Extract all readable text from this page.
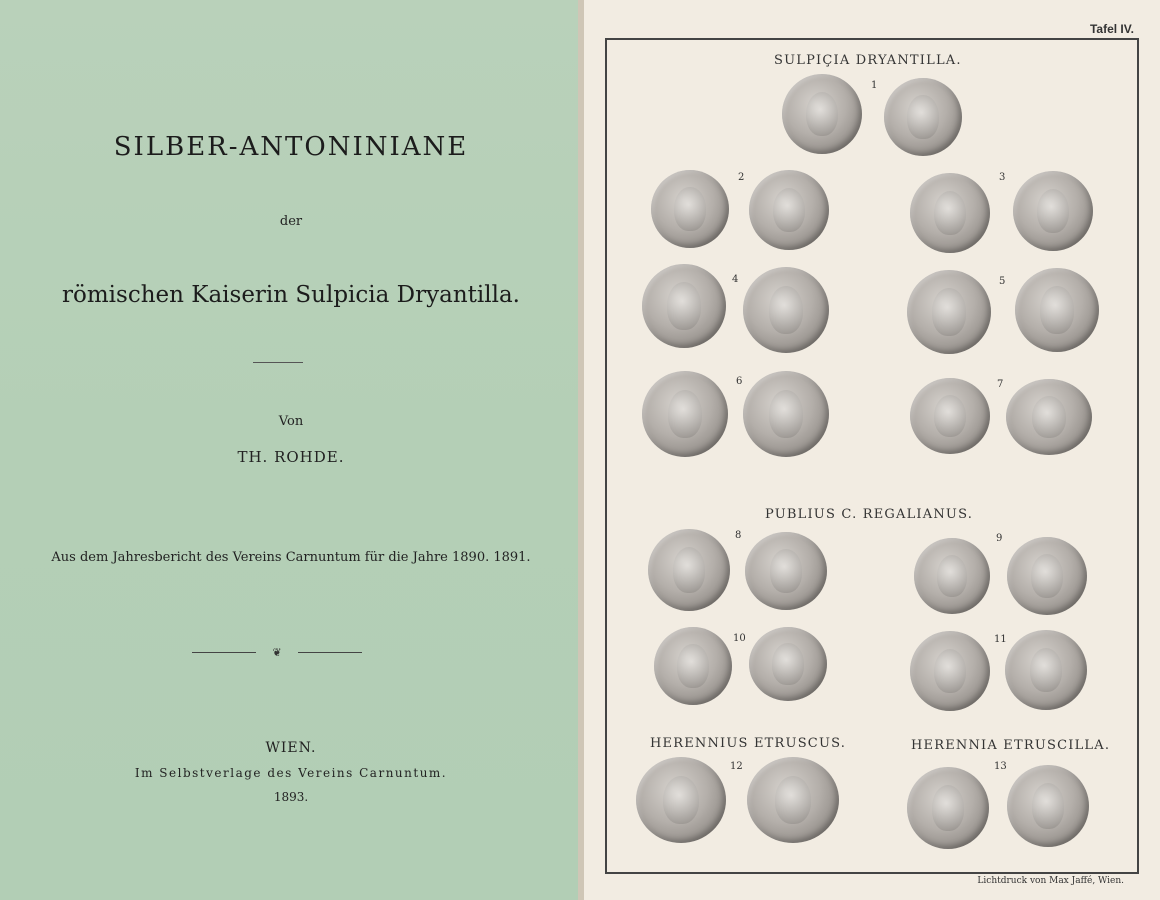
SILBER-ANTONINIANE
der
römischen Kaiserin Sulpicia Dryantilla.
Von
TH. ROHDE.
Aus dem Jahresbericht des Vereins Carnuntum für die Jahre 1890. 1891.
❦
WIEN.
Im Selbstverlage des Vereins Carnuntum.
1893.
Tafel IV.
SULPIÇIA DRYANTILLA.
PUBLIUS C. REGALIANUS.
HERENNIUS ETRUSCUS.	HERENNIA ETRUSCILLA.
1
2	3
4	5
6	7
8	9
10	11
12	13
Lichtdruck von Max Jaffé, Wien.
